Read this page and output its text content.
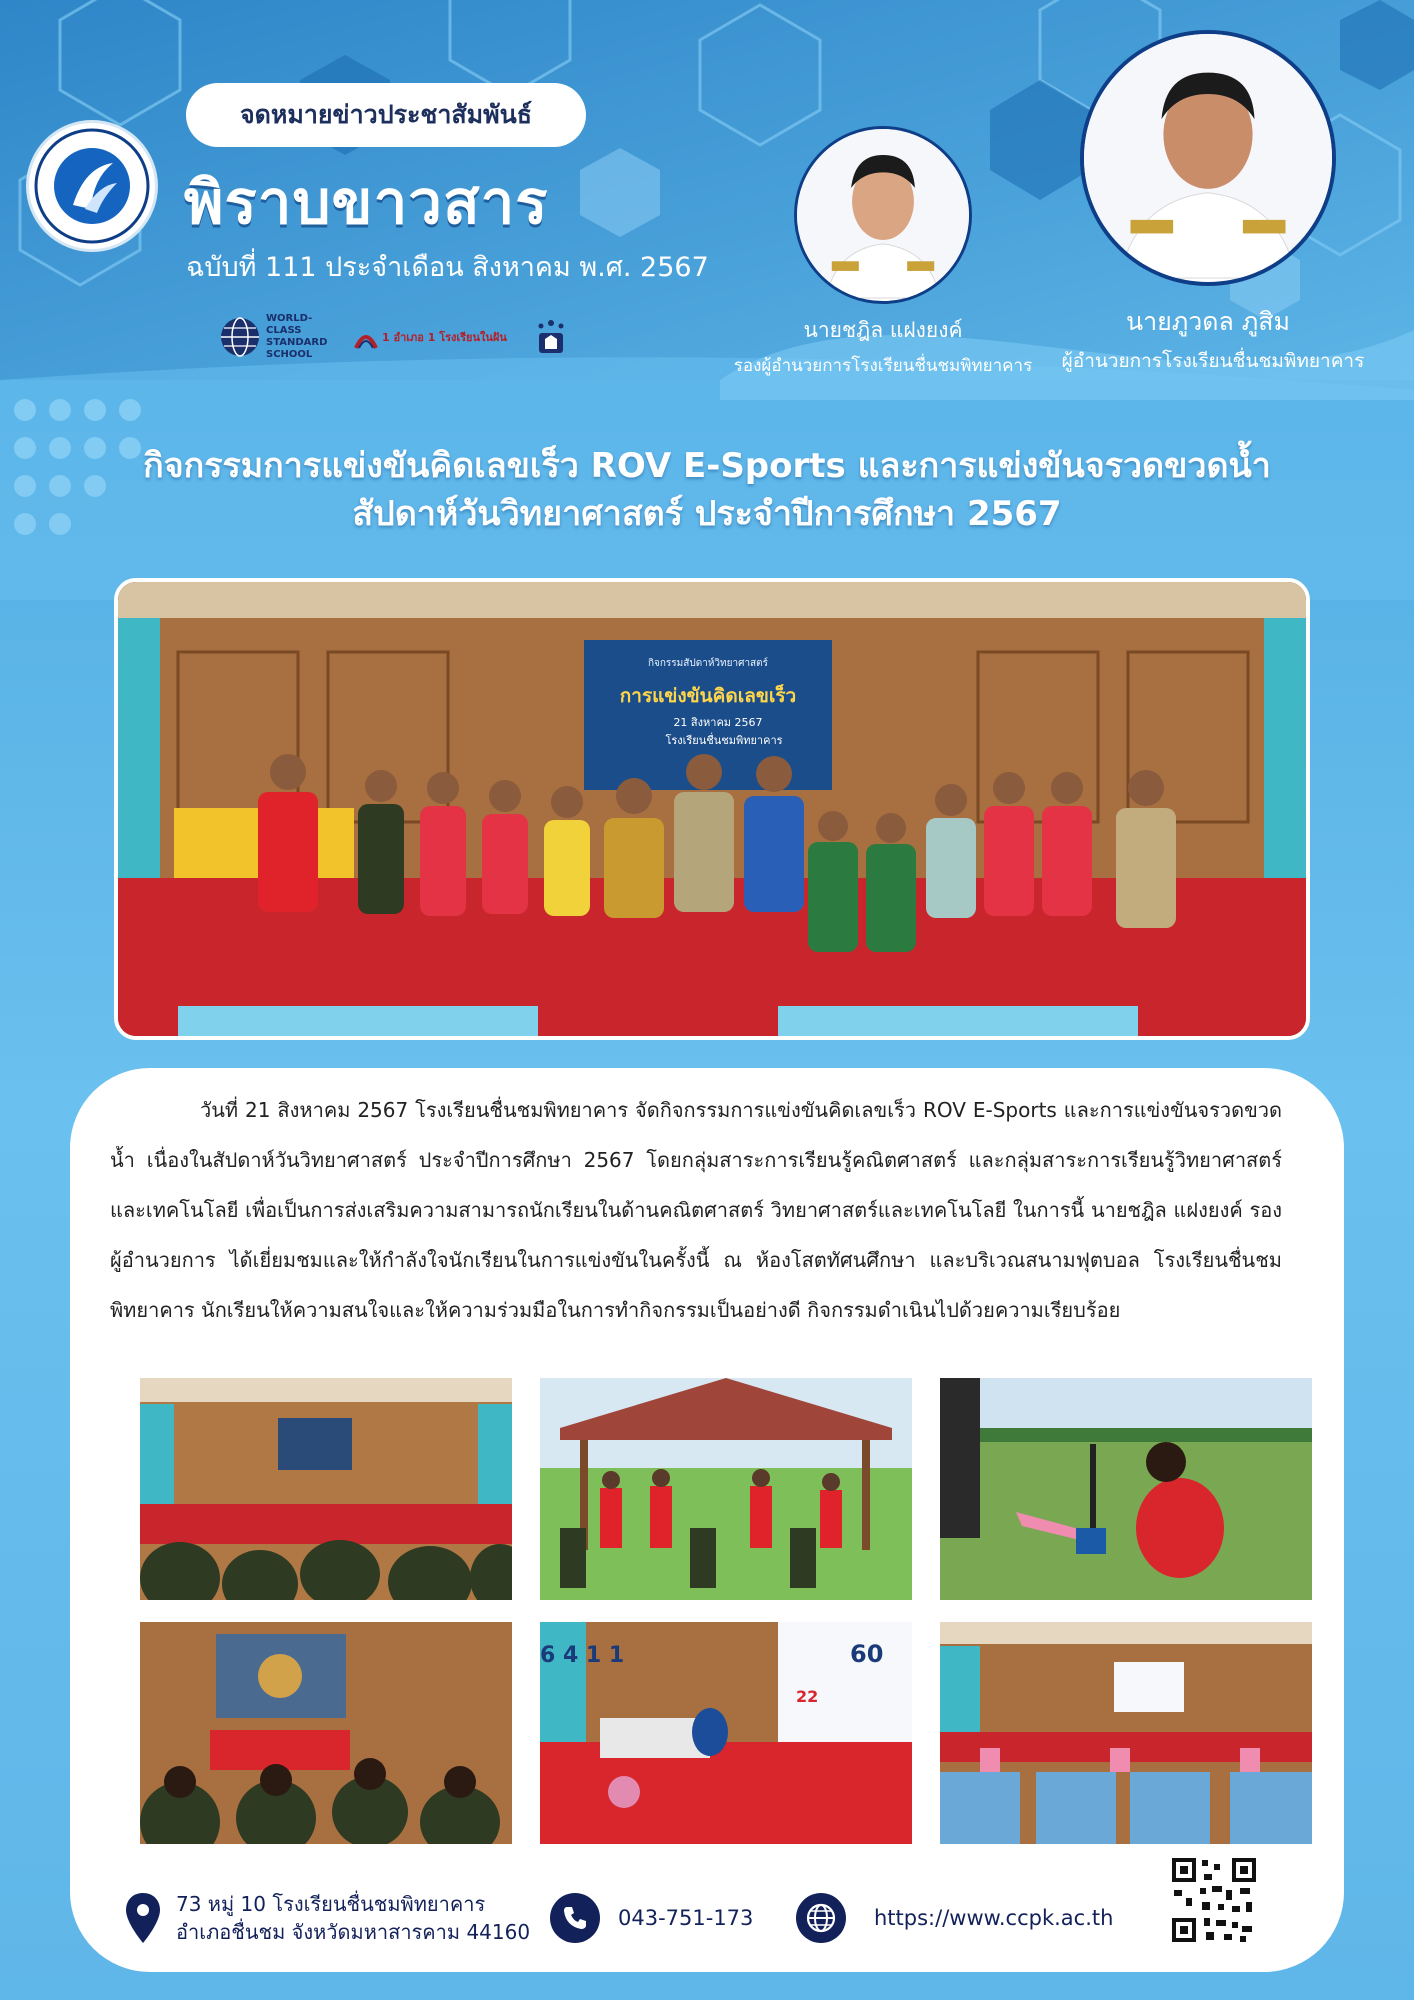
จดหมายข่าวประชาสัมพันธ์
พิราบขาวสาร
ฉบับที่ 111 ประจำเดือน สิงหาคม พ.ศ. 2567
WORLD-CLASS STANDARD SCHOOL
1 อำเภอ 1 โรงเรียนในฝัน	นายชฎิล แฝงยงค์
รองผู้อำนวยการโรงเรียนชื่นชมพิทยาคาร
นายภูวดล ภูสิม
ผู้อำนวยการโรงเรียนชื่นชมพิทยาคาร
กิจกรรมการแข่งขันคิดเลขเร็ว ROV E-Sports และการแข่งขันจรวดขวดน้ำ
สัปดาห์วันวิทยาศาสตร์ ประจำปีการศึกษา 2567
กิจกรรมสัปดาห์วิทยาศาสตร์
การแข่งขันคิดเลขเร็ว
21 สิงหาคม 2567
โรงเรียนชื่นชมพิทยาคาร

วันที่ 21 สิงหาคม 2567 โรงเรียนชื่นชมพิทยาคาร จัดกิจกรรมการแข่งขันคิดเลขเร็ว ROV E-Sports และการแข่งขันจรวดขวดน้ำ เนื่องในสัปดาห์วันวิทยาศาสตร์ ประจำปีการศึกษา 2567 โดยกลุ่มสาระการเรียนรู้คณิตศาสตร์ และกลุ่มสาระการเรียนรู้วิทยาศาสตร์และเทคโนโลยี เพื่อเป็นการส่งเสริมความสามารถนักเรียนในด้านคณิตศาสตร์ วิทยาศาสตร์และเทคโนโลยี ในการนี้ นายชฎิล แฝงยงค์ รองผู้อำนวยการ ได้เยี่ยมชมและให้กำลังใจนักเรียนในการแข่งขันในครั้งนี้ ณ ห้องโสตทัศนศึกษา และบริเวณสนามฟุตบอล โรงเรียนชื่นชมพิทยาคาร นักเรียนให้ความสนใจและให้ความร่วมมือในการทำกิจกรรมเป็นอย่างดี กิจกรรมดำเนินไปด้วยความเรียบร้อย

6 4 1 1	60
22
73 หมู่ 10 โรงเรียนชื่นชมพิทยาคาร
อำเภอชื่นชม จังหวัดมหาสารคาม 44160
043-751-173	https://www.ccpk.ac.th
